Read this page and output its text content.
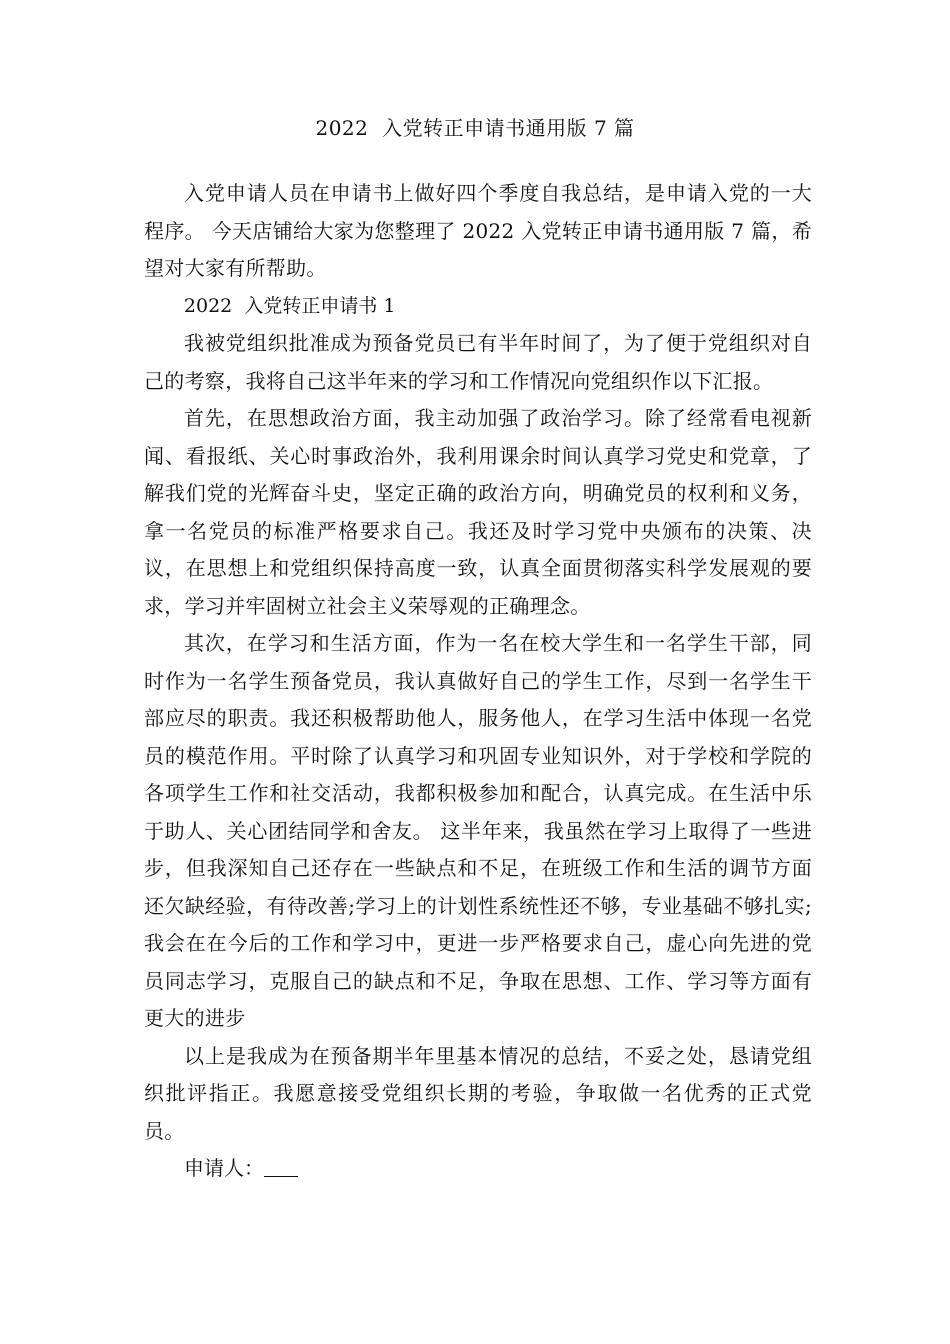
2022  入党转正申请书通用版 7 篇

入党申请人员在申请书上做好四个季度自我总结，是申请入党的一大程序。 今天店铺给大家为您整理了 2022 入党转正申请书通用版 7 篇，希望对大家有所帮助。

2022  入党转正申请书 1

我被党组织批准成为预备党员已有半年时间了，为了便于党组织对自己的考察，我将自己这半年来的学习和工作情况向党组织作以下汇报。

首先，在思想政治方面，我主动加强了政治学习。除了经常看电视新闻、看报纸、关心时事政治外，我利用课余时间认真学习党史和党章，了解我们党的光辉奋斗史，坚定正确的政治方向，明确党员的权利和义务，拿一名党员的标准严格要求自己。我还及时学习党中央颁布的决策、决议，在思想上和党组织保持高度一致，认真全面贯彻落实科学发展观的要求，学习并牢固树立社会主义荣辱观的正确理念。

其次，在学习和生活方面，作为一名在校大学生和一名学生干部，同时作为一名学生预备党员，我认真做好自己的学生工作，尽到一名学生干部应尽的职责。我还积极帮助他人，服务他人，在学习生活中体现一名党员的模范作用。平时除了认真学习和巩固专业知识外，对于学校和学院的各项学生工作和社交活动，我都积极参加和配合，认真完成。在生活中乐于助人、关心团结同学和舍友。 这半年来，我虽然在学习上取得了一些进步，但我深知自己还存在一些缺点和不足，在班级工作和生活的调节方面还欠缺经验，有待改善;学习上的计划性系统性还不够，专业基础不够扎实;我会在在今后的工作和学习中，更进一步严格要求自己，虚心向先进的党员同志学习，克服自己的缺点和不足，争取在思想、工作、学习等方面有更大的进步

以上是我成为在预备期半年里基本情况的总结，不妥之处，恳请党组织批评指正。我愿意接受党组织长期的考验，争取做一名优秀的正式党员。

申请人：
